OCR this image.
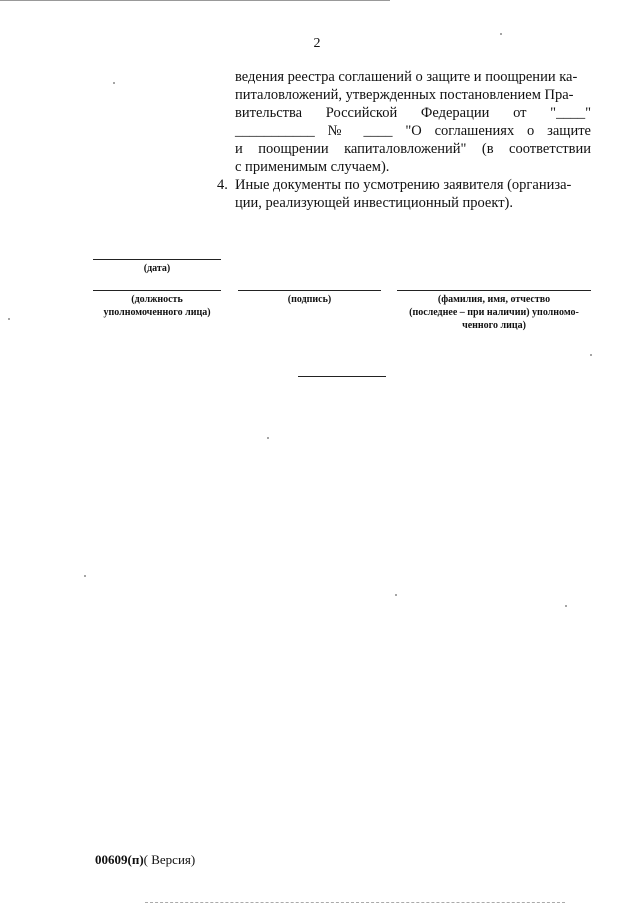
2
ведения реестра соглашений о защите и поощрении ка-
питаловложений, утвержденных постановлением Пра-
вительства Российской Федерации от "____"
___________ № ____ "О соглашениях о защите
и поощрении капиталовложений" (в соответствии
с применимым случаем).
4. Иные документы по усмотрению заявителя (организа-
ции, реализующей инвестиционный проект).
(дата)
(должность
уполномоченного лица)
(подпись)	(фамилия, имя, отчество
(последнее – при наличии) уполномо-
ченного лица)
00609(п)( Версия)
